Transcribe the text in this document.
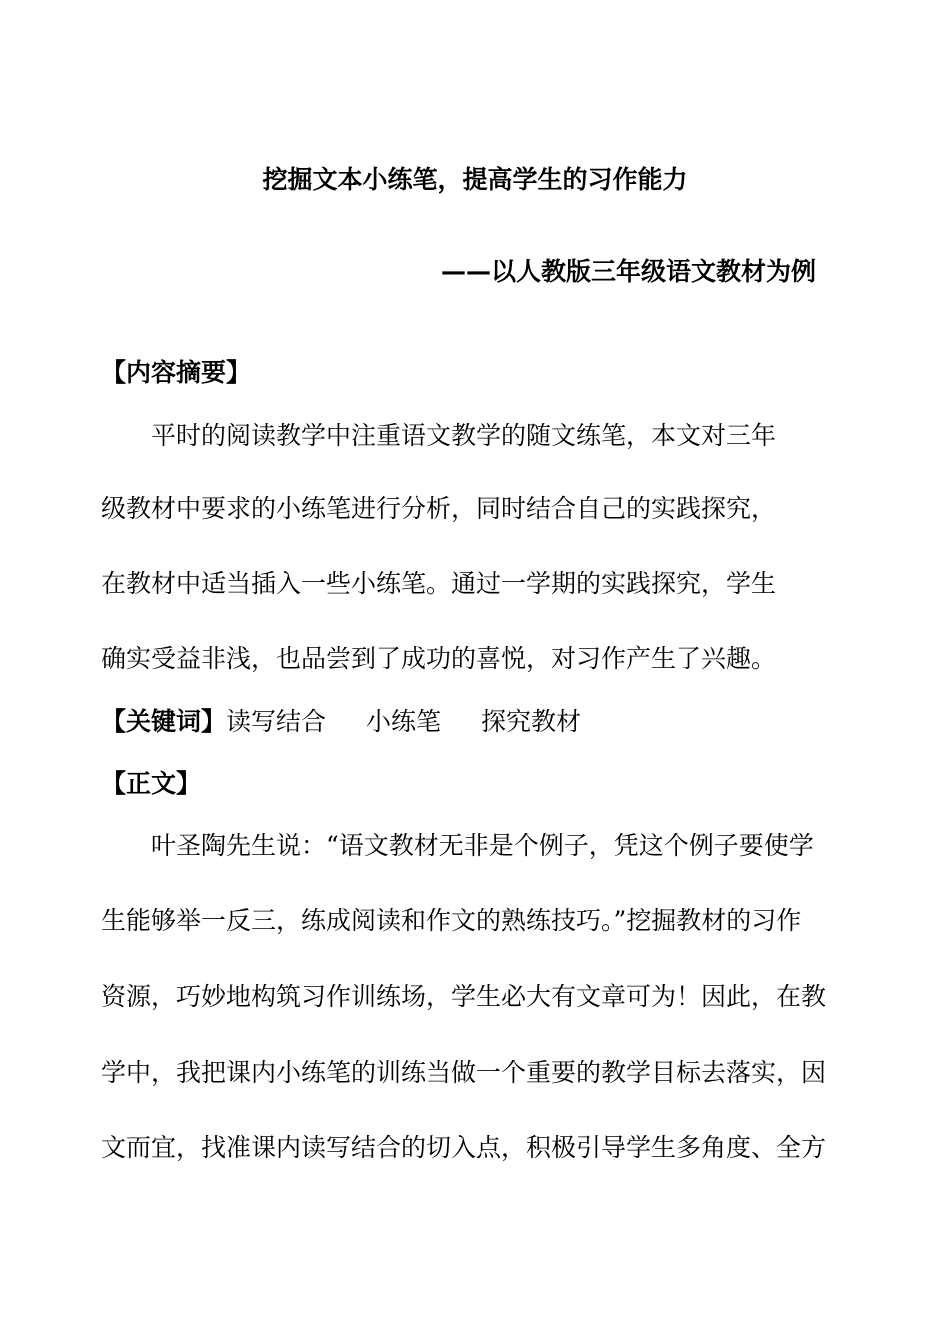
挖掘文本小练笔，提高学生的习作能力
——以人教版三年级语文教材为例
【内容摘要】
平时的阅读教学中注重语文教学的随文练笔，本文对三年
级教材中要求的小练笔进行分析，同时结合自己的实践探究，
在教材中适当插入一些小练笔。通过一学期的实践探究，学生
确实受益非浅，也品尝到了成功的喜悦，对习作产生了兴趣。
【关键词】读写结合 小练笔 探究教材
【正文】
叶圣陶先生说：“语文教材无非是个例子，凭这个例子要使学
生能够举一反三，练成阅读和作文的熟练技巧。”挖掘教材的习作
资源，巧妙地构筑习作训练场，学生必大有文章可为！因此，在教
学中，我把课内小练笔的训练当做一个重要的教学目标去落实，因
文而宜，找准课内读写结合的切入点，积极引导学生多角度、全方
